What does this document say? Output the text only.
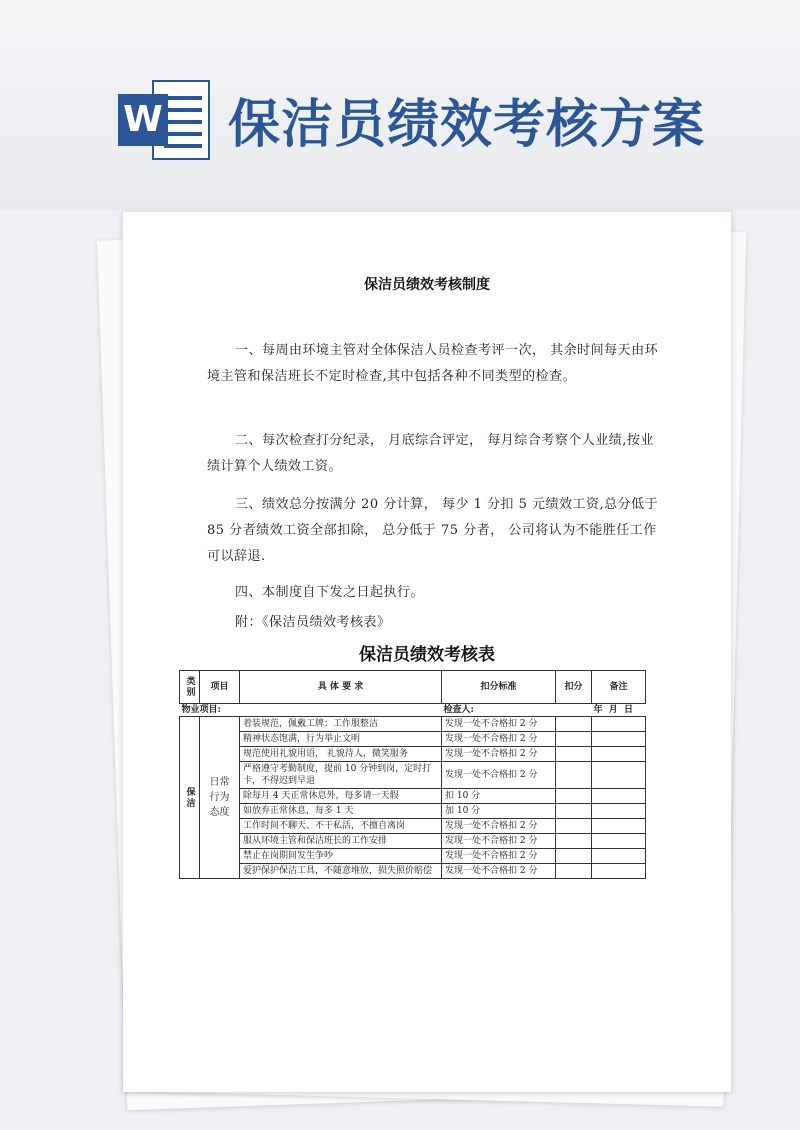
W 保洁员绩效考核方案
保洁员绩效考核制度

一、每周由环境主管对全体保洁人员检查考评一次， 其余时间每天由环境主管和保洁班长不定时检查,其中包括各种不同类型的检查。

二、每次检查打分纪录， 月底综合评定， 每月综合考察个人业绩,按业绩计算个人绩效工资。

三、绩效总分按满分 20 分计算， 每少 1 分扣 5 元绩效工资,总分低于 85 分者绩效工资全部扣除， 总分低于 75 分者， 公司将认为不能胜任工作可以辞退.

四、本制度自下发之日起执行。

附：《保洁员绩效考核表》

保洁员绩效考核表
类别	项目	具 体 要 求	扣分标准	扣分	备注
物业项目:			检查人:		年  月  日
保洁	日常行为态度	着装规范，佩戴工牌；工作服整洁	发现一处不合格扣 2 分		
		精神状态饱满，行为举止文明	发现一处不合格扣 2 分		
		规范使用礼貌用语， 礼貌待人，微笑服务	发现一处不合格扣 2 分		
		严格遵守考勤制度，提前 10 分钟到岗，定时打卡，不得迟到早退	发现一处不合格扣 2 分		
		除每月 4 天正常休息外，每多请一天假	扣 10 分		
		如放弃正常休息，每多 1 天	加 10 分		
		工作时间不聊天、不干私活，不擅自离岗	发现一处不合格扣 2 分		
		服从环境主管和保洁班长的工作安排	发现一处不合格扣 2 分		
		禁止在岗期间发生争吵	发现一处不合格扣 2 分		
		爱护保护保洁工具，不随意堆放，损失照价赔偿	发现一处不合格扣 2 分		
